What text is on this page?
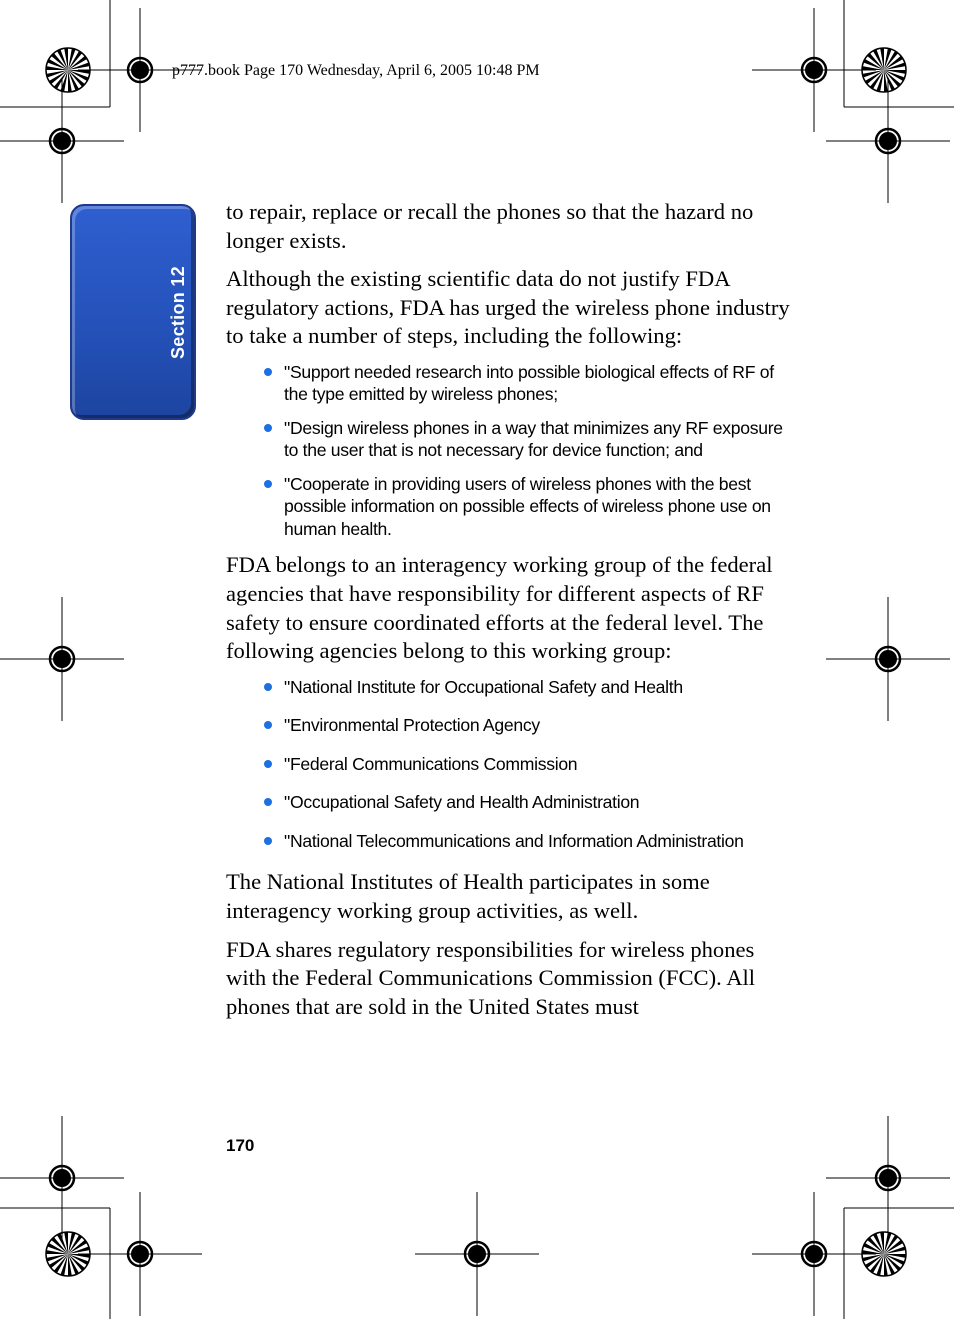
p777.book Page 170 Wednesday, April 6, 2005 10:48 PM
Section 12

to repair, replace or recall the phones so that the hazard no longer exists.

Although the existing scientific data do not justify FDA regulatory actions, FDA has urged the wireless phone industry to take a number of steps, including the following:

"Support needed research into possible biological effects of RF of the type emitted by wireless phones;
"Design wireless phones in a way that minimizes any RF exposure to the user that is not necessary for device function; and
"Cooperate in providing users of wireless phones with the best possible information on possible effects of wireless phone use on human health.

FDA belongs to an interagency working group of the federal agencies that have responsibility for different aspects of RF safety to ensure coordinated efforts at the federal level. The following agencies belong to this working group:

"National Institute for Occupational Safety and Health
"Environmental Protection Agency
"Federal Communications Commission
"Occupational Safety and Health Administration
"National Telecommunications and Information Administration

The National Institutes of Health participates in some interagency working group activities, as well.

FDA shares regulatory responsibilities for wireless phones with the Federal Communications Commission (FCC). All phones that are sold in the United States must

170
